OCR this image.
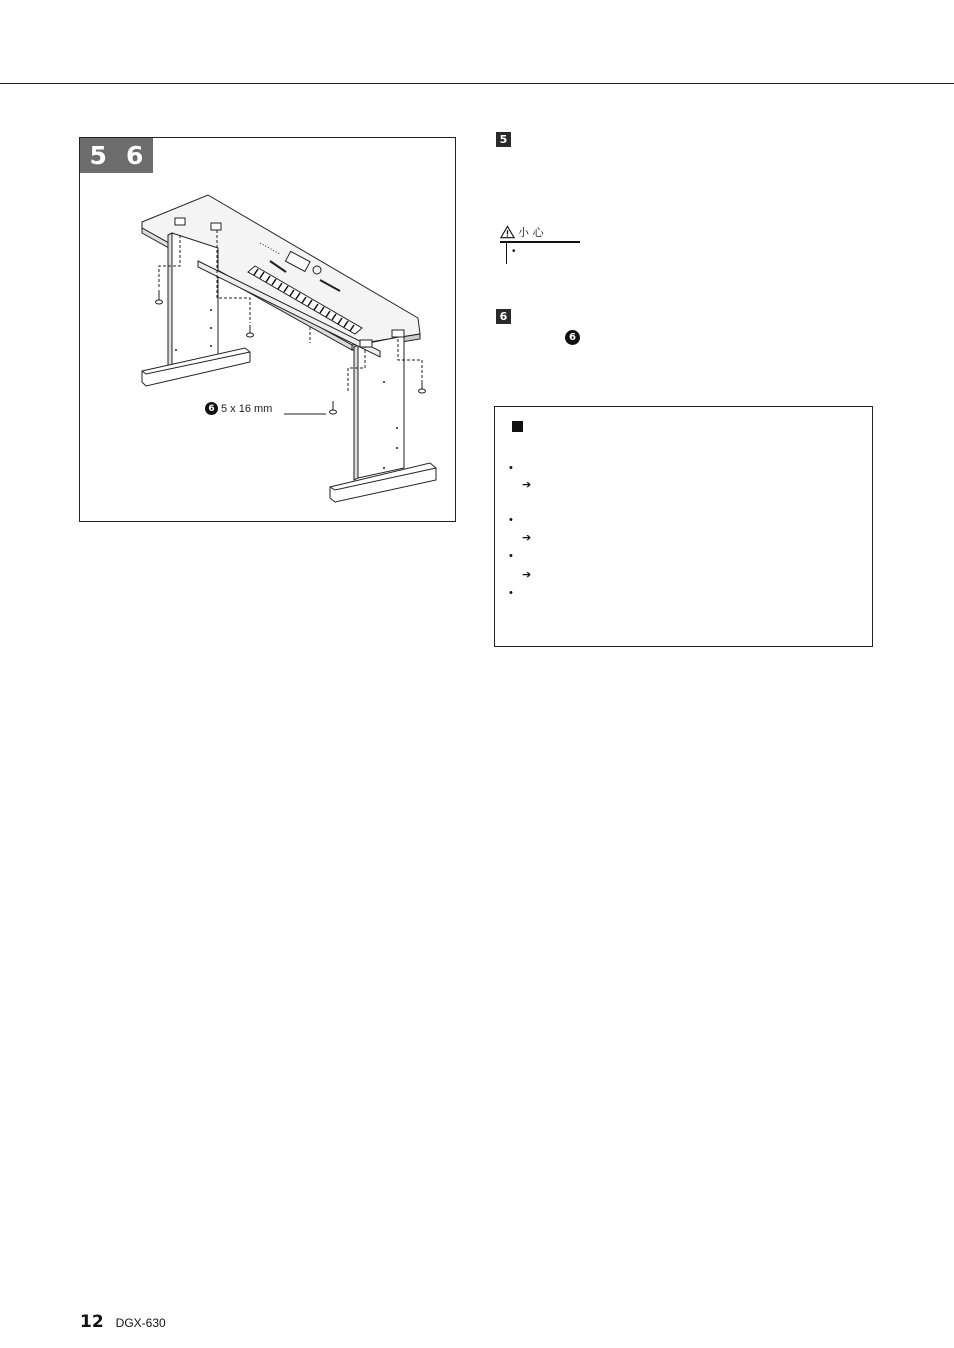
5 6
6 5 x 16 mm
5
小 心
•
6
6
•
➔
•
➔
•
➔
•
12 DGX-630
